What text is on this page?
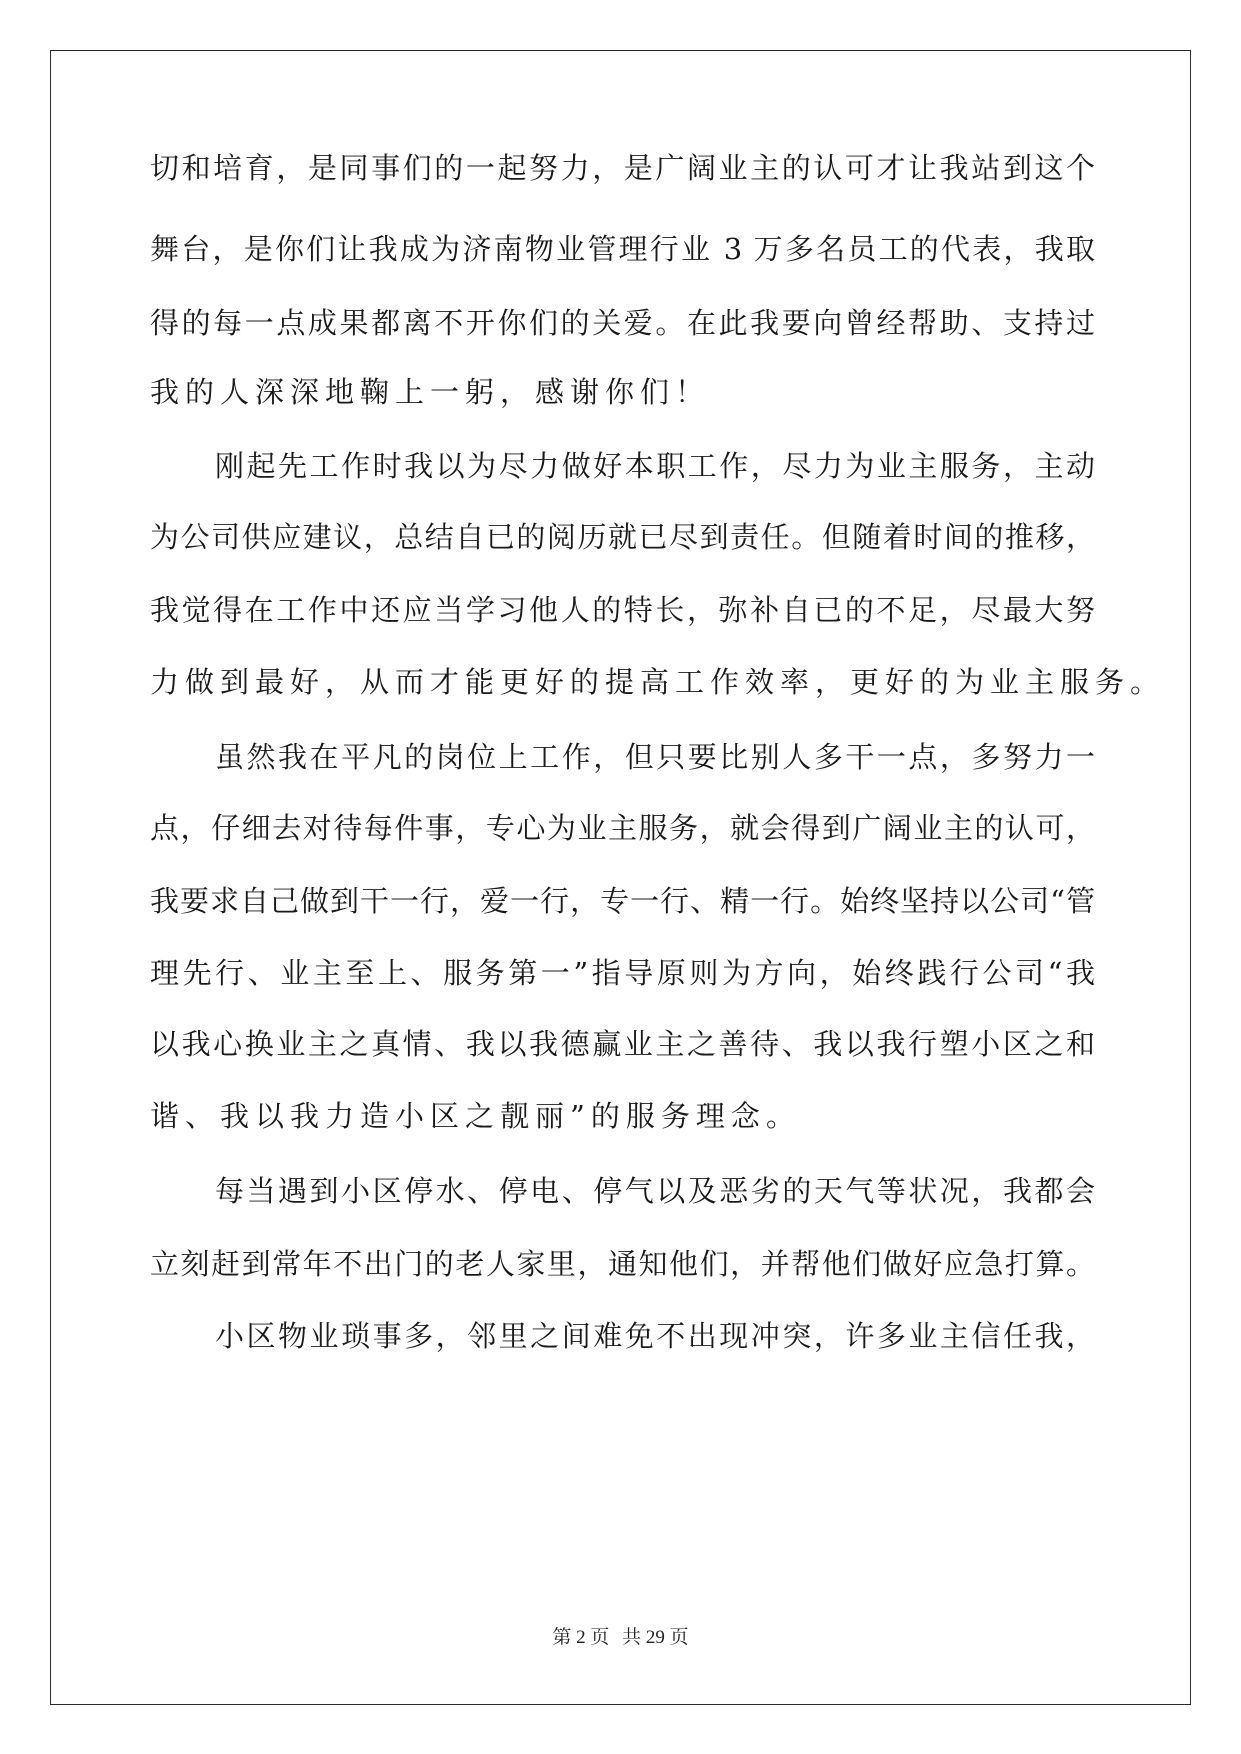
切和培育，是同事们的一起努力，是广阔业主的认可才让我站到这个
舞台，是你们让我成为济南物业管理行业 3 万多名员工的代表，我取
得的每一点成果都离不开你们的关爱。在此我要向曾经帮助、支持过
我的人深深地鞠上一躬，感谢你们！
刚起先工作时我以为尽力做好本职工作，尽力为业主服务，主动
为公司供应建议，总结自已的阅历就已尽到责任。但随着时间的推移，
我觉得在工作中还应当学习他人的特长，弥补自已的不足，尽最大努
力做到最好，从而才能更好的提高工作效率，更好的为业主服务。
虽然我在平凡的岗位上工作，但只要比别人多干一点，多努力一
点，仔细去对待每件事，专心为业主服务，就会得到广阔业主的认可，
我要求自己做到干一行，爱一行，专一行、精一行。始终坚持以公司“管
理先行、业主至上、服务第一”指导原则为方向，始终践行公司“我
以我心换业主之真情、我以我德赢业主之善待、我以我行塑小区之和
谐、我以我力造小区之靓丽”的服务理念。
每当遇到小区停水、停电、停气以及恶劣的天气等状况，我都会
立刻赶到常年不出门的老人家里，通知他们，并帮他们做好应急打算。
小区物业琐事多，邻里之间难免不出现冲突，许多业主信任我，
第 2 页 共 29 页
